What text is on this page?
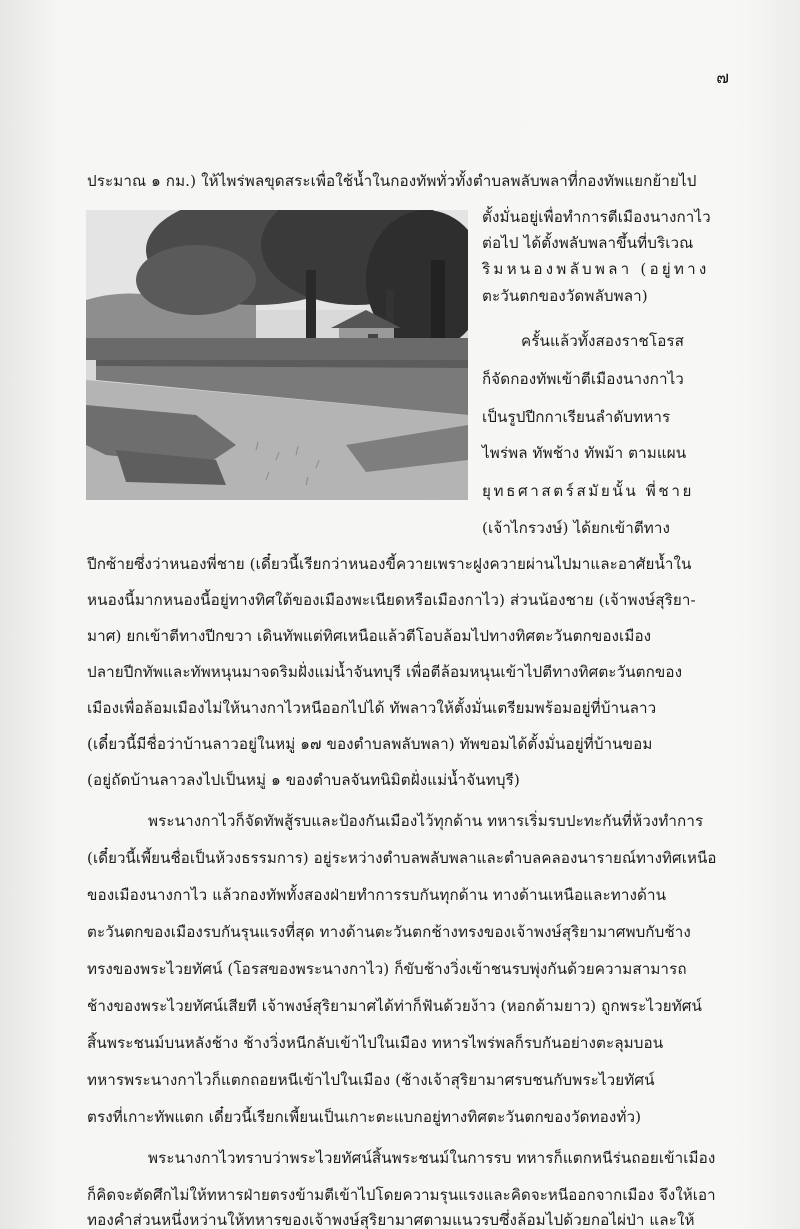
๗
ประมาณ ๑ กม.) ให้ไพร่พลขุดสระเพื่อใช้น้ำในกองทัพทั่วทั้งตำบลพลับพลาที่กองทัพแยกย้ายไป
ตั้งมั่นอยู่เพื่อทำการตีเมืองนางกาไว
ต่อไป ได้ตั้งพลับพลาขึ้นที่บริเวณ
ริมหนองพลับพลา (อยู่ทาง
ตะวันตกของวัดพลับพลา)
ครั้นแล้วทั้งสองราชโอรส
ก็จัดกองทัพเข้าตีเมืองนางกาไว
เป็นรูปปีกกาเรียนลำดับทหาร
ไพร่พล ทัพช้าง ทัพม้า ตามแผน
ยุทธศาสตร์สมัยนั้น พี่ชาย
(เจ้าไกรวงษ์) ได้ยกเข้าตีทาง
ปีกซ้ายซึ่งว่าหนองพี่ชาย (เดี๋ยวนี้เรียกว่าหนองขี้ควายเพราะฝูงควายผ่านไปมาและอาศัยน้ำใน
หนองนี้มากหนองนี้อยู่ทางทิศใต้ของเมืองพะเนียดหรือเมืองกาไว) ส่วนน้องชาย (เจ้าพงษ์สุริยา-
มาศ) ยกเข้าตีทางปีกขวา เดินทัพแต่ทิศเหนือแล้วตีโอบล้อมไปทางทิศตะวันตกของเมือง
ปลายปีกทัพและทัพหนุนมาจดริมฝั่งแม่น้ำจันทบุรี เพื่อตีล้อมหนุนเข้าไปตีทางทิศตะวันตกของ
เมืองเพื่อล้อมเมืองไม่ให้นางกาไวหนีออกไปได้ ทัพลาวให้ตั้งมั่นเตรียมพร้อมอยู่ที่บ้านลาว
(เดี๋ยวนี้มีชื่อว่าบ้านลาวอยู่ในหมู่ ๑๗ ของตำบลพลับพลา) ทัพขอมได้ตั้งมั่นอยู่ที่บ้านขอม
(อยู่ถัดบ้านลาวลงไปเป็นหมู่ ๑ ของตำบลจันทนิมิตฝั่งแม่น้ำจันทบุรี)
พระนางกาไวก็จัดทัพสู้รบและป้องกันเมืองไว้ทุกด้าน ทหารเริ่มรบปะทะกันที่ห้วงทำการ
(เดี๋ยวนี้เพี้ยนชื่อเป็นห้วงธรรมการ) อยู่ระหว่างตำบลพลับพลาและตำบลคลองนารายณ์ทางทิศเหนือ
ของเมืองนางกาไว แล้วกองทัพทั้งสองฝ่ายทำการรบกันทุกด้าน ทางด้านเหนือและทางด้าน
ตะวันตกของเมืองรบกันรุนแรงที่สุด ทางด้านตะวันตกช้างทรงของเจ้าพงษ์สุริยามาศพบกับช้าง
ทรงของพระไวยทัศน์ (โอรสของพระนางกาไว) ก็ขับช้างวิ่งเข้าชนรบพุ่งกันด้วยความสามารถ
ช้างของพระไวยทัศน์เสียที เจ้าพงษ์สุริยามาศได้ท่าก็ฟันด้วยง้าว (หอกด้ามยาว) ถูกพระไวยทัศน์
สิ้นพระชนม์บนหลังช้าง ช้างวิ่งหนีกลับเข้าไปในเมือง ทหารไพร่พลก็รบกันอย่างตะลุมบอน
ทหารพระนางกาไวก็แตกถอยหนีเข้าไปในเมือง (ช้างเจ้าสุริยามาศรบชนกับพระไวยทัศน์
ตรงที่เกาะทัพแตก เดี๋ยวนี้เรียกเพี้ยนเป็นเกาะตะแบกอยู่ทางทิศตะวันตกของวัดทองทั่ว)
พระนางกาไวทราบว่าพระไวยทัศน์สิ้นพระชนม์ในการรบ ทหารก็แตกหนีร่นถอยเข้าเมือง
ก็คิดจะตัดศึกไม่ให้ทหารฝ่ายตรงข้ามตีเข้าไปโดยความรุนแรงและคิดจะหนีออกจากเมือง จึงให้เอา
ทองคำส่วนหนึ่งหว่านให้ทหารของเจ้าพงษ์สุริยามาศตามแนวรบซึ่งล้อมไปด้วยกอไผ่ป่า และให้
